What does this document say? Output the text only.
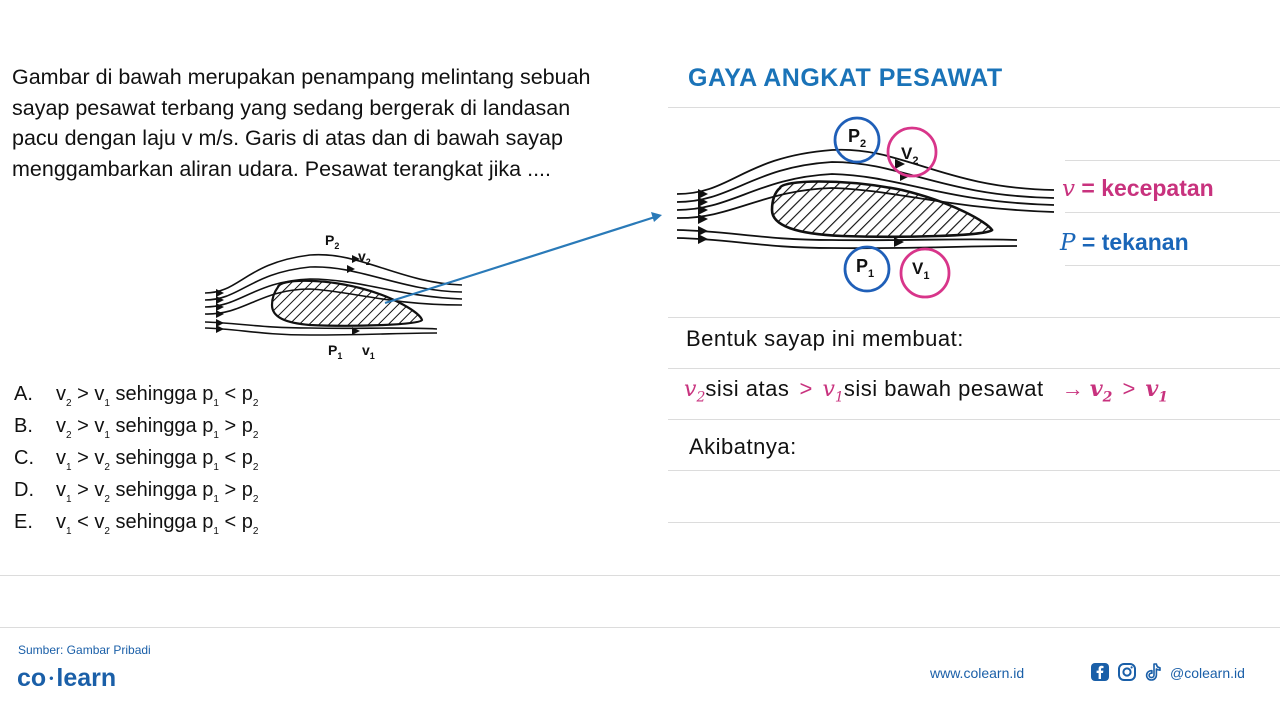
Gambar di bawah merupakan penampang melintang sebuah
sayap pesawat terbang yang sedang bergerak di landasan
pacu dengan laju v m/s. Garis di atas dan di bawah sayap
menggambarkan aliran udara. Pesawat terangkat jika ....
$P_2$
$v_2$
$P_1$ $v_1$
A. $v_2 > v_1$ sehingga $p_1 < p_2$
B. $v_2 > v_1$ sehingga $p_1 > p_2$
C. $v_1 > v_2$ sehingga $p_1 < p_2$
D. $v_1 > v_2$ sehingga $p_1 > p_2$
E. $v_1 < v_2$ sehingga $p_1 < p_2$
GAYA ANGKAT PESAWAT
$P_2$ $V_2$
$P_1$ $V_1$
v = kecepatan
P = tekanan
Bentuk sayap ini membuat:
$v_2sisi$ atas > $v_1sisi$ bawah pesawat → $v_2 > v_1$
Akibatnya:
Sumber: Gambar Pribadi
co • learn	www.colearn.id	@colearn.id
